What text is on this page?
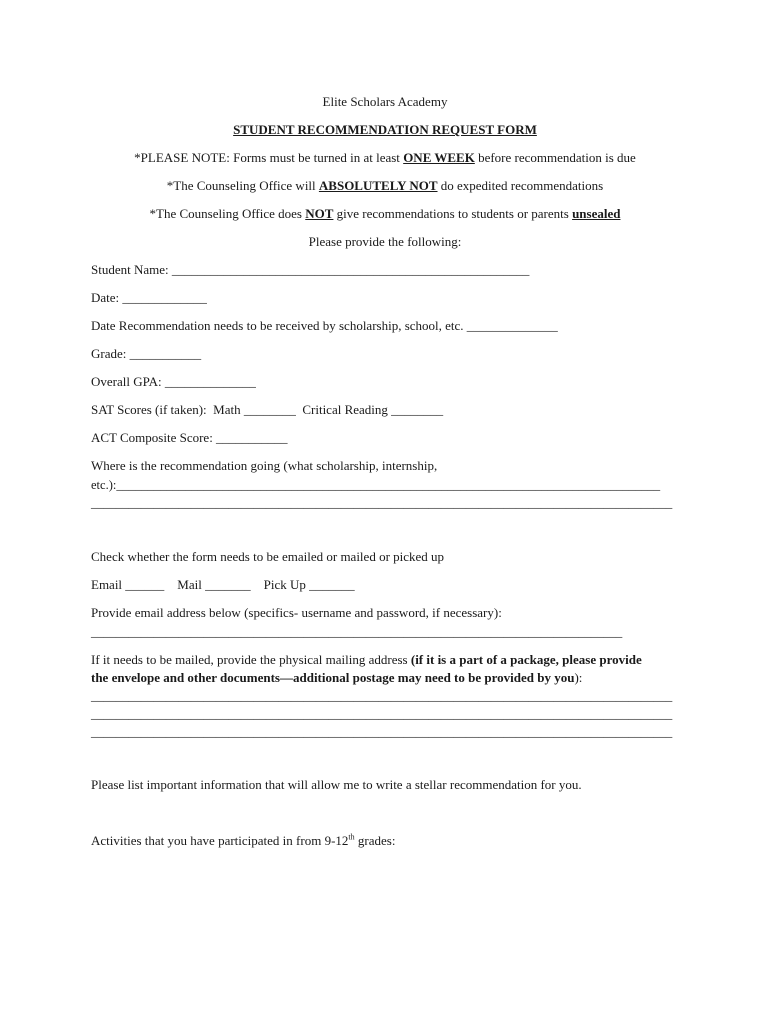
Elite Scholars Academy
STUDENT RECOMMENDATION REQUEST FORM
*PLEASE NOTE: Forms must be turned in at least ONE WEEK before recommendation is due
*The Counseling Office will ABSOLUTELY NOT do expedited recommendations
*The Counseling Office does NOT give recommendations to students or parents unsealed
Please provide the following:
Student Name: _______________________________________________________
Date: _____________
Date Recommendation needs to be received by scholarship, school, etc. ______________
Grade: ___________
Overall GPA: ______________
SAT Scores (if taken):  Math ________  Critical Reading ________
ACT Composite Score: ___________
Where is the recommendation going (what scholarship, internship,
etc.):_______________________________________________________________________________________
_____________________________________________________________________________________________
Check whether the form needs to be emailed or mailed or picked up
Email ______    Mail _______    Pick Up _______
Provide email address below (specifics- username and password, if necessary):
_____________________________________________________________________________________
If it needs to be mailed, provide the physical mailing address (if it is a part of a package, please provide
the envelope and other documents—additional postage may need to be provided by you):
_____________________________________________________________________________________________
_____________________________________________________________________________________________
_____________________________________________________________________________________________
Please list important information that will allow me to write a stellar recommendation for you.
Activities that you have participated in from 9-12th grades:
